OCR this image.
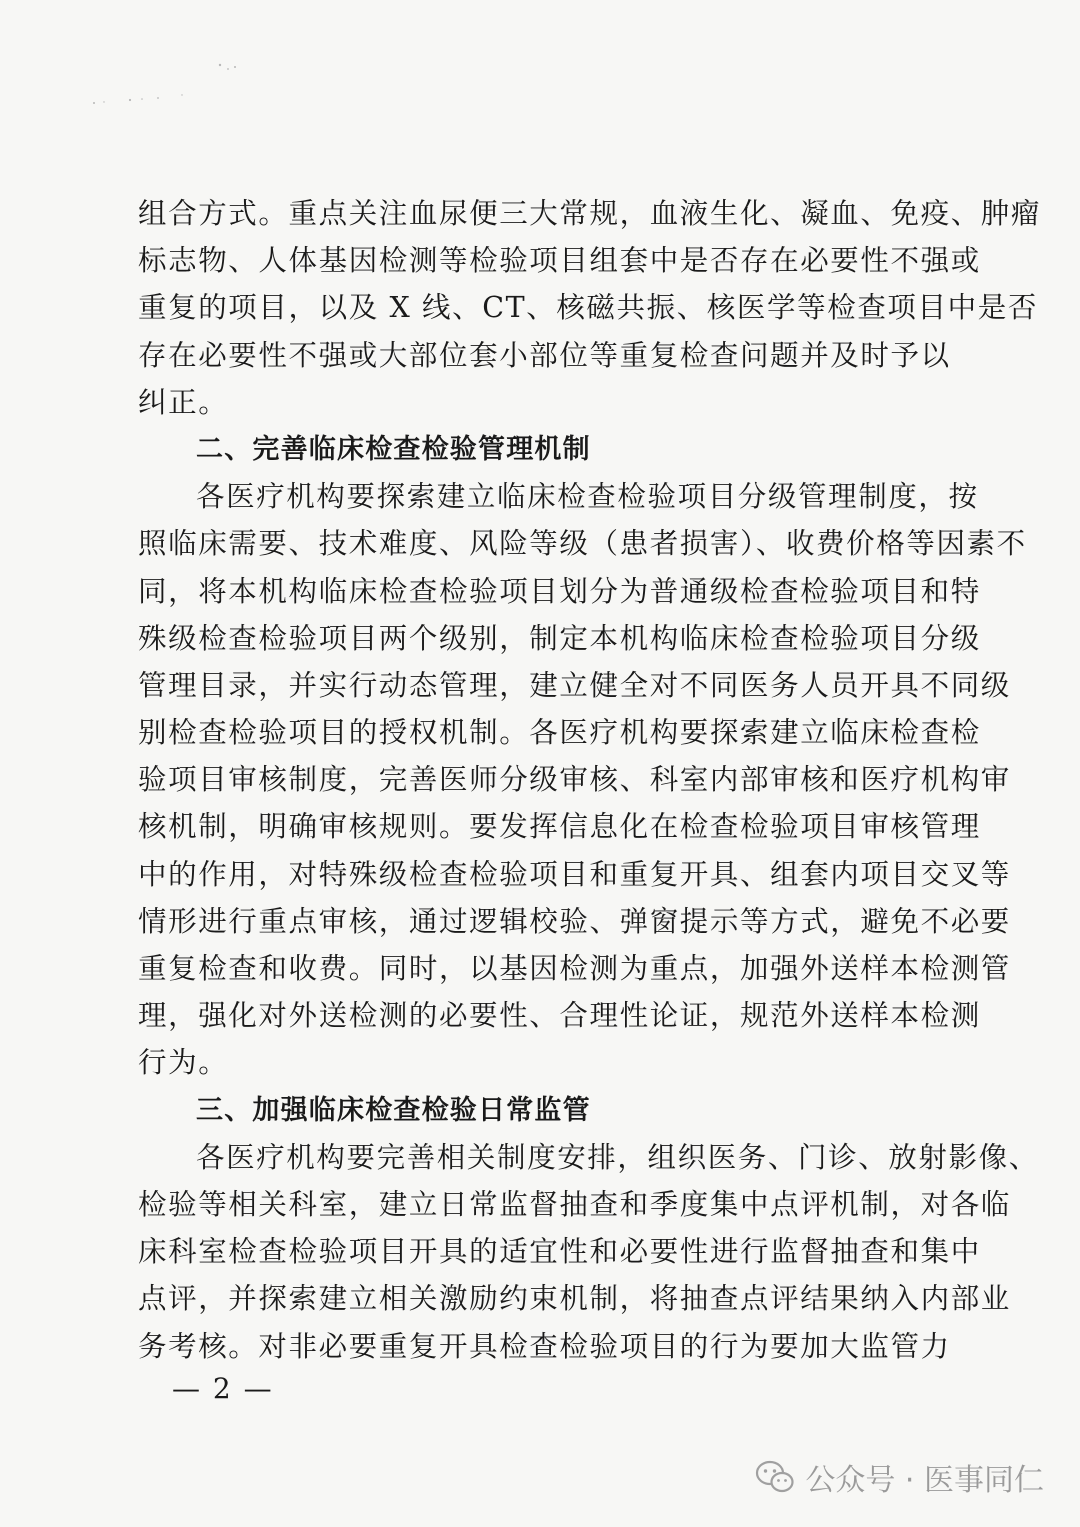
组合方式。重点关注血尿便三大常规，血液生化、凝血、免疫、肿瘤
标志物、人体基因检测等检验项目组套中是否存在必要性不强或
重复的项目，以及 X 线、CT、核磁共振、核医学等检查项目中是否
存在必要性不强或大部位套小部位等重复检查问题并及时予以
纠正。
二、完善临床检查检验管理机制
各医疗机构要探索建立临床检查检验项目分级管理制度，按
照临床需要、技术难度、风险等级（患者损害）、收费价格等因素不
同，将本机构临床检查检验项目划分为普通级检查检验项目和特
殊级检查检验项目两个级别，制定本机构临床检查检验项目分级
管理目录，并实行动态管理，建立健全对不同医务人员开具不同级
别检查检验项目的授权机制。各医疗机构要探索建立临床检查检
验项目审核制度，完善医师分级审核、科室内部审核和医疗机构审
核机制，明确审核规则。要发挥信息化在检查检验项目审核管理
中的作用，对特殊级检查检验项目和重复开具、组套内项目交叉等
情形进行重点审核，通过逻辑校验、弹窗提示等方式，避免不必要
重复检查和收费。同时，以基因检测为重点，加强外送样本检测管
理，强化对外送检测的必要性、合理性论证，规范外送样本检测
行为。
三、加强临床检查检验日常监管
各医疗机构要完善相关制度安排，组织医务、门诊、放射影像、
检验等相关科室，建立日常监督抽查和季度集中点评机制，对各临
床科室检查检验项目开具的适宜性和必要性进行监督抽查和集中
点评，并探索建立相关激励约束机制，将抽查点评结果纳入内部业
务考核。对非必要重复开具检查检验项目的行为要加大监管力
— 2 —
公众号 · 医事同仁
